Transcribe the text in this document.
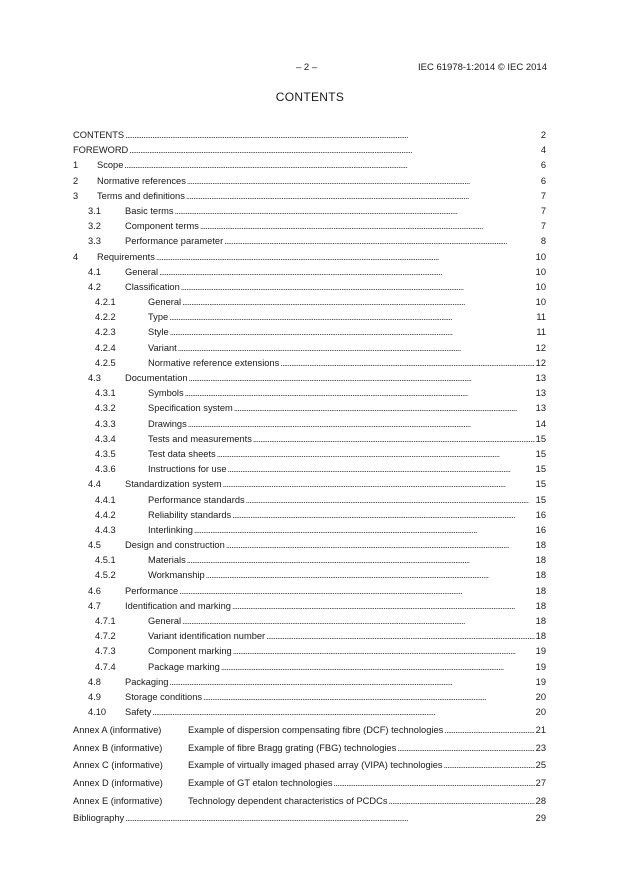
– 2 –	IEC 61978-1:2014 © IEC 2014
CONTENTS
CONTENTS . . .	2
FOREWORD . . .	4
1	Scope . . .	6
2	Normative references . . .	6
3	Terms and definitions . . .	7
3.1	Basic terms . . .	7
3.2	Component terms . . .	7
3.3	Performance parameter . . .	8
4	Requirements . . .	10
4.1	General . . .	10
4.2	Classification . . .	10
4.2.1	General . . .	10
4.2.2	Type . . .	11
4.2.3	Style . . .	11
4.2.4	Variant . . .	12
4.2.5	Normative reference extensions . . .	12
4.3	Documentation . . .	13
4.3.1	Symbols . . .	13
4.3.2	Specification system . . .	13
4.3.3	Drawings . . .	14
4.3.4	Tests and measurements . . .	15
4.3.5	Test data sheets . . .	15
4.3.6	Instructions for use . . .	15
4.4	Standardization system . . .	15
4.4.1	Performance standards . . .	15
4.4.2	Reliability standards . . .	16
4.4.3	Interlinking . . .	16
4.5	Design and construction . . .	18
4.5.1	Materials . . .	18
4.5.2	Workmanship . . .	18
4.6	Performance . . .	18
4.7	Identification and marking . . .	18
4.7.1	General . . .	18
4.7.2	Variant identification number . . .	18
4.7.3	Component marking . . .	19
4.7.4	Package marking . . .	19
4.8	Packaging . . .	19
4.9	Storage conditions . . .	20
4.10	Safety . . .	20
Annex A (informative)	Example of dispersion compensating fibre (DCF) technologies . . .	21
Annex B (informative)	Example of fibre Bragg grating (FBG) technologies . . .	23
Annex C (informative)	Example of virtually imaged phased array (VIPA) technologies . . .	25
Annex D (informative)	Example of GT etalon technologies . . .	27
Annex E (informative)	Technology dependent characteristics of PCDCs . . .	28
Bibliography . . .	29
